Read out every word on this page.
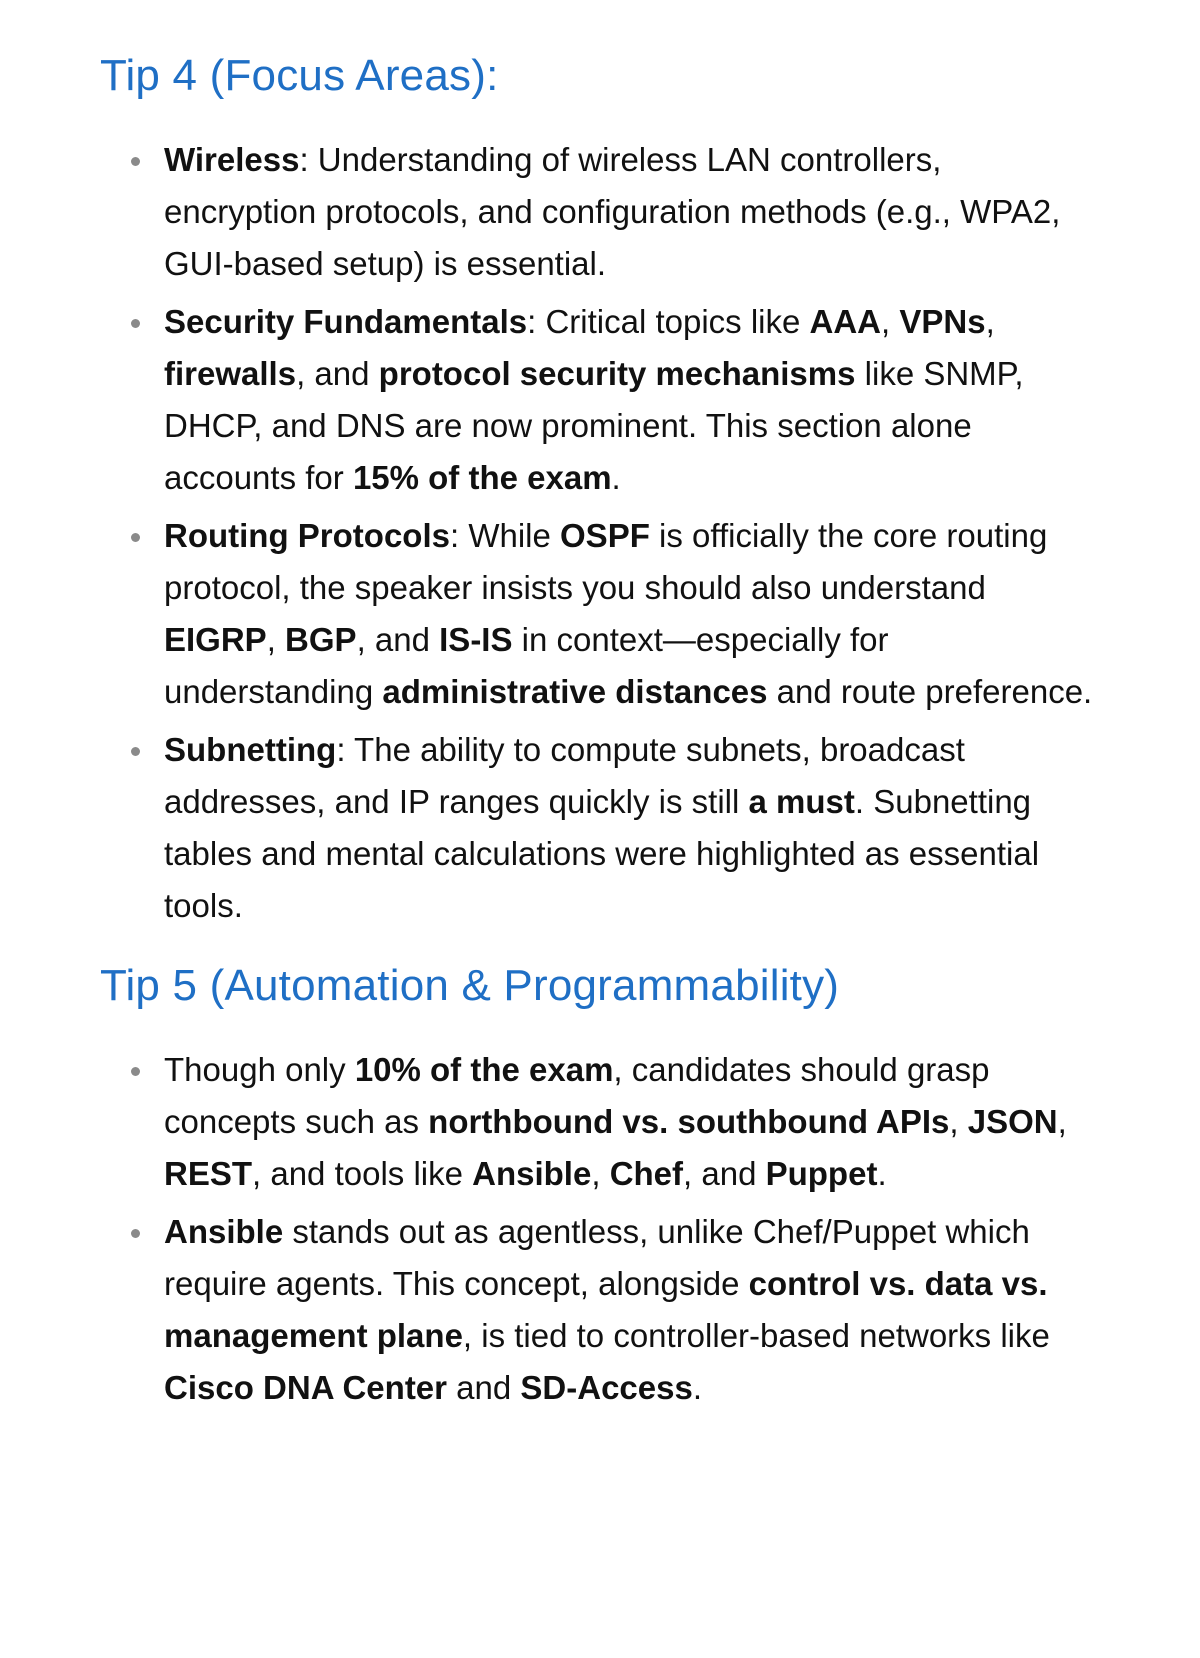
Tip 4 (Focus Areas):
Wireless: Understanding of wireless LAN controllers, encryption protocols, and configuration methods (e.g., WPA2, GUI-based setup) is essential.
Security Fundamentals: Critical topics like AAA, VPNs, firewalls, and protocol security mechanisms like SNMP, DHCP, and DNS are now prominent. This section alone accounts for 15% of the exam.
Routing Protocols: While OSPF is officially the core routing protocol, the speaker insists you should also understand EIGRP, BGP, and IS-IS in context—especially for understanding administrative distances and route preference.
Subnetting: The ability to compute subnets, broadcast addresses, and IP ranges quickly is still a must. Subnetting tables and mental calculations were highlighted as essential tools.
Tip 5 (Automation & Programmability)
Though only 10% of the exam, candidates should grasp concepts such as northbound vs. southbound APIs, JSON, REST, and tools like Ansible, Chef, and Puppet.
Ansible stands out as agentless, unlike Chef/Puppet which require agents. This concept, alongside control vs. data vs. management plane, is tied to controller-based networks like Cisco DNA Center and SD-Access.
